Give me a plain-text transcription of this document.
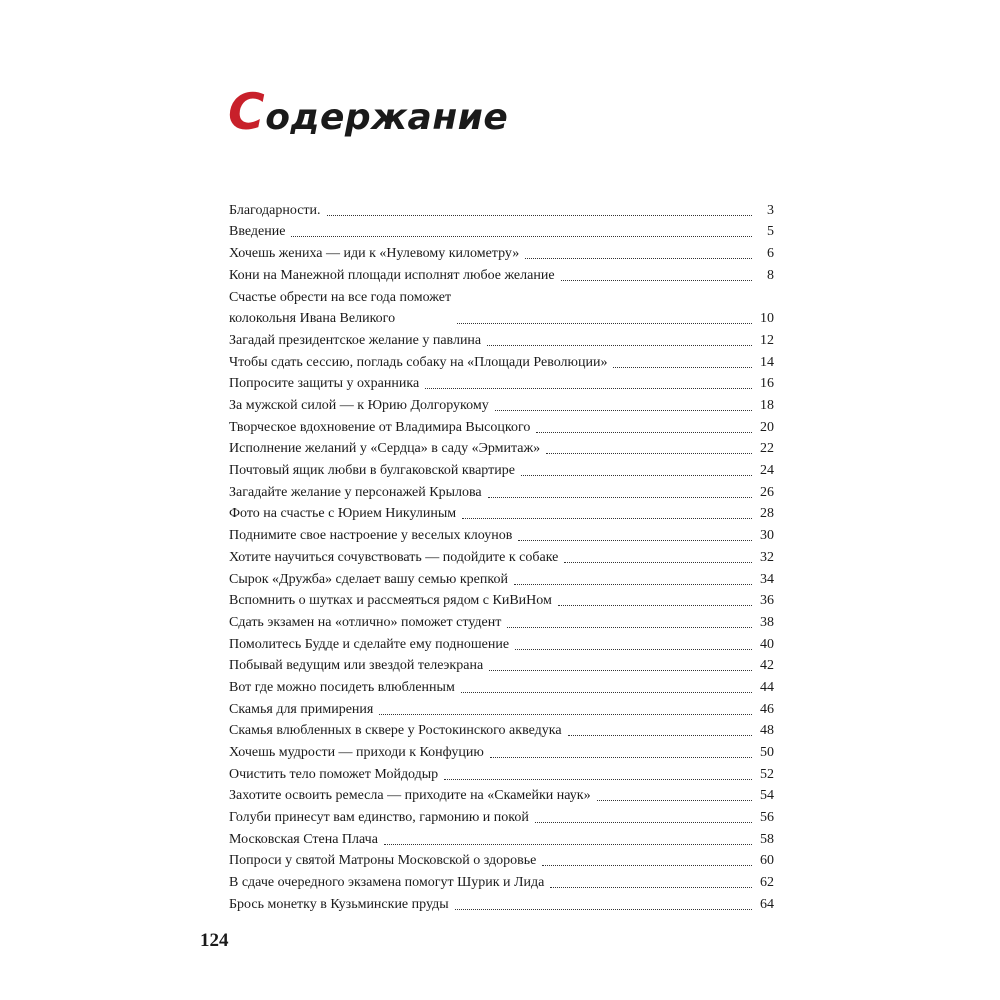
Содержание
Благодарности.	3
Введение	5
Хочешь жениха — иди к «Нулевому километру»	6
Кони на Манежной площади исполнят любое желание	8
Счастье обрести на все года поможет
колокольня Ивана Великого	10
Загадай президентское желание у павлина	12
Чтобы сдать сессию, погладь собаку на «Площади Революции»	14
Попросите защиты у охранника	16
За мужской силой — к Юрию Долгорукому	18
Творческое вдохновение от Владимира Высоцкого	20
Исполнение желаний у «Сердца» в саду «Эрмитаж»	22
Почтовый ящик любви в булгаковской квартире	24
Загадайте желание у персонажей Крылова	26
Фото на счастье с Юрием Никулиным	28
Поднимите свое настроение у веселых клоунов	30
Хотите научиться сочувствовать — подойдите к собаке	32
Сырок «Дружба» сделает вашу семью крепкой	34
Вспомнить о шутках и рассмеяться рядом с КиВиНом	36
Сдать экзамен на «отлично» поможет студент	38
Помолитесь Будде и сделайте ему подношение	40
Побывай ведущим или звездой телеэкрана	42
Вот где можно посидеть влюбленным	44
Скамья для примирения	46
Скамья влюбленных в сквере у Ростокинского акведука	48
Хочешь мудрости — приходи к Конфуцию	50
Очистить тело поможет Мойдодыр	52
Захотите освоить ремесла — приходите на «Скамейки наук»	54
Голуби принесут вам единство, гармонию и покой	56
Московская Стена Плача	58
Попроси у святой Матроны Московской о здоровье	60
В сдаче очередного экзамена помогут Шурик и Лида	62
Брось монетку в Кузьминские пруды	64
124
